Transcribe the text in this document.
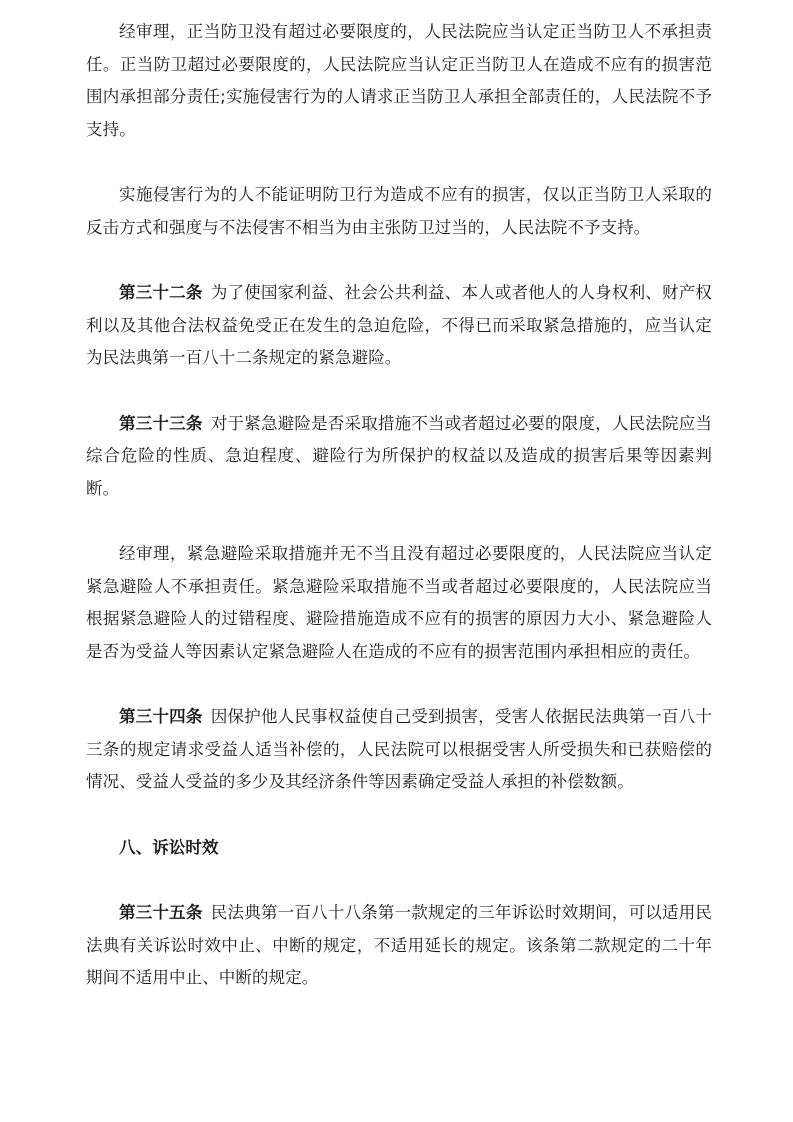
经审理，正当防卫没有超过必要限度的，人民法院应当认定正当防卫人不承担责任。正当防卫超过必要限度的，人民法院应当认定正当防卫人在造成不应有的损害范围内承担部分责任;实施侵害行为的人请求正当防卫人承担全部责任的，人民法院不予支持。

实施侵害行为的人不能证明防卫行为造成不应有的损害，仅以正当防卫人采取的反击方式和强度与不法侵害不相当为由主张防卫过当的，人民法院不予支持。

第三十二条 为了使国家利益、社会公共利益、本人或者他人的人身权利、财产权利以及其他合法权益免受正在发生的急迫危险，不得已而采取紧急措施的，应当认定为民法典第一百八十二条规定的紧急避险。

第三十三条 对于紧急避险是否采取措施不当或者超过必要的限度，人民法院应当综合危险的性质、急迫程度、避险行为所保护的权益以及造成的损害后果等因素判断。

经审理，紧急避险采取措施并无不当且没有超过必要限度的，人民法院应当认定紧急避险人不承担责任。紧急避险采取措施不当或者超过必要限度的，人民法院应当根据紧急避险人的过错程度、避险措施造成不应有的损害的原因力大小、紧急避险人是否为受益人等因素认定紧急避险人在造成的不应有的损害范围内承担相应的责任。

第三十四条 因保护他人民事权益使自己受到损害，受害人依据民法典第一百八十三条的规定请求受益人适当补偿的，人民法院可以根据受害人所受损失和已获赔偿的情况、受益人受益的多少及其经济条件等因素确定受益人承担的补偿数额。

八、诉讼时效

第三十五条 民法典第一百八十八条第一款规定的三年诉讼时效期间，可以适用民法典有关诉讼时效中止、中断的规定，不适用延长的规定。该条第二款规定的二十年期间不适用中止、中断的规定。
